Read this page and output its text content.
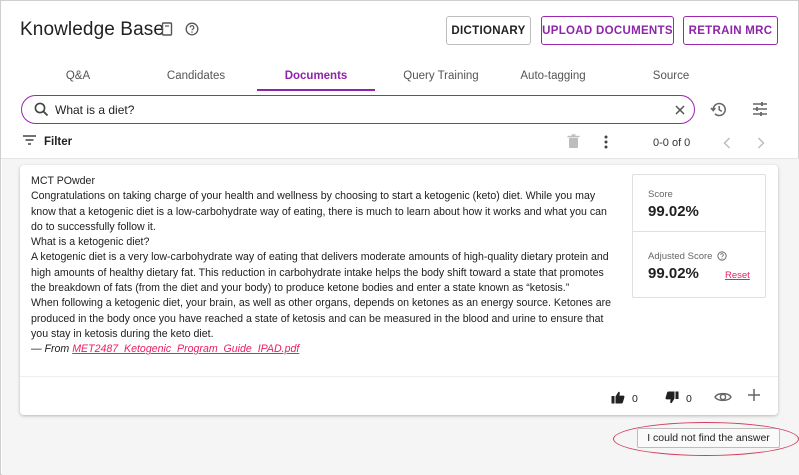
Knowledge Base	DICTIONARY	UPLOAD DOCUMENTS	RETRAIN MRC
Q&A	Candidates	Documents	Query Training	Auto-tagging	Source
What is a diet?
Filter	0-0 of 0

MCT POwder

Congratulations on taking charge of your health and wellness by choosing to start a ketogenic (keto) diet. While you may know that a ketogenic diet is a low-carbohydrate way of eating, there is much to learn about how it works and what you can do to successfully follow it.

What is a ketogenic diet?

A ketogenic diet is a very low-carbohydrate way of eating that delivers moderate amounts of high-quality dietary protein and high amounts of healthy dietary fat. This reduction in carbohydrate intake helps the body shift toward a state that promotes the breakdown of fats (from the diet and your body) to produce ketone bodies and enter a state known as “ketosis.”

When following a ketogenic diet, your brain, as well as other organs, depends on ketones as an energy source. Ketones are produced in the body once you have reached a state of ketosis and can be measured in the blood and urine to ensure that you stay in ketosis during the keto diet.

— From MET2487_Ketogenic_Program_Guide_IPAD.pdf

Score
99.02%
Adjusted Score
99.02%	Reset
0	0
I could not find the answer
